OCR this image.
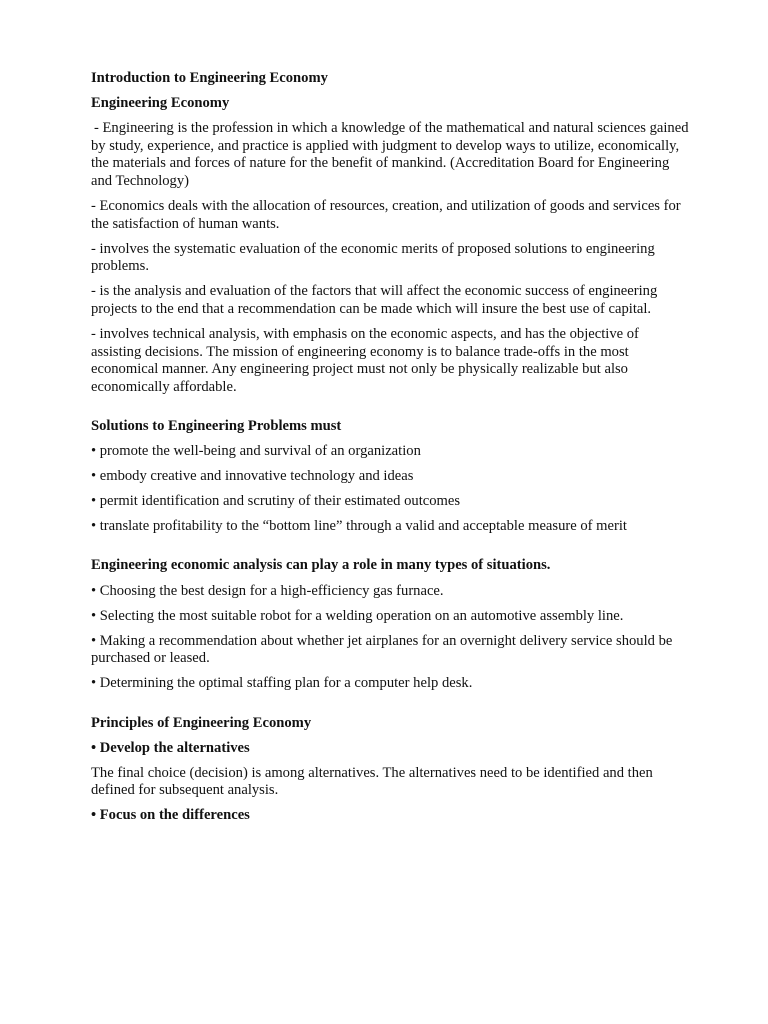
Introduction to Engineering Economy

Engineering Economy

- Engineering is the profession in which a knowledge of the mathematical and natural sciences gained by study, experience, and practice is applied with judgment to develop ways to utilize, economically, the materials and forces of nature for the benefit of mankind. (Accreditation Board for Engineering and Technology)

- Economics deals with the allocation of resources, creation, and utilization of goods and services for the satisfaction of human wants.

- involves the systematic evaluation of the economic merits of proposed solutions to engineering problems.

- is the analysis and evaluation of the factors that will affect the economic success of engineering projects to the end that a recommendation can be made which will insure the best use of capital.

- involves technical analysis, with emphasis on the economic aspects, and has the objective of assisting decisions. The mission of engineering economy is to balance trade-offs in the most economical manner. Any engineering project must not only be physically realizable but also economically affordable.

Solutions to Engineering Problems must

• promote the well-being and survival of an organization

• embody creative and innovative technology and ideas

• permit identification and scrutiny of their estimated outcomes

• translate profitability to the “bottom line” through a valid and acceptable measure of merit

Engineering economic analysis can play a role in many types of situations.

• Choosing the best design for a high-efficiency gas furnace.

• Selecting the most suitable robot for a welding operation on an automotive assembly line.

• Making a recommendation about whether jet airplanes for an overnight delivery service should be purchased or leased.

• Determining the optimal staffing plan for a computer help desk.

Principles of Engineering Economy

• Develop the alternatives

The final choice (decision) is among alternatives. The alternatives need to be identified and then defined for subsequent analysis.

• Focus on the differences
